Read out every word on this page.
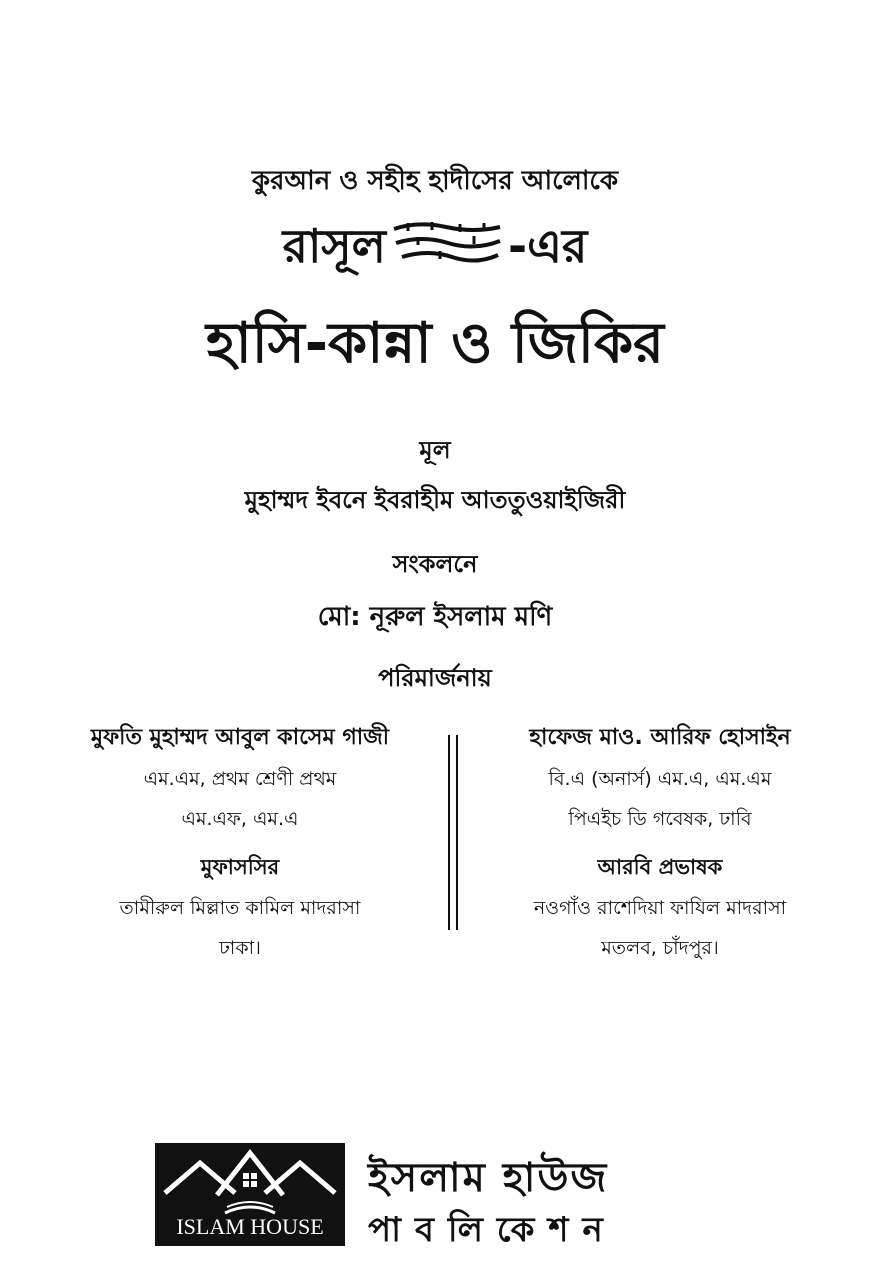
কুরআন ও সহীহ হাদীসের আলোকে
রাসূল	-এর
হাসি-কান্না ও জিকির
মূল
মুহাম্মদ ইবনে ইবরাহীম আততুওয়াইজিরী
সংকলনে
মো: নূরুল ইসলাম মণি
পরিমার্জনায়
মুফতি মুহাম্মদ আবুল কাসেম গাজী
এম.এম, প্রথম শ্রেণী প্রথম
এম.এফ, এম.এ
মুফাসসির
তামীরুল মিল্লাত কামিল মাদরাসা
ঢাকা।
হাফেজ মাও. আরিফ হোসাইন
বি.এ (অনার্স) এম.এ, এম.এম
পিএইচ ডি গবেষক, ঢাবি
আরবি প্রভাষক
নওগাঁও রাশেদিয়া ফাযিল মাদরাসা
মতলব, চাঁদপুর।
ISLAM HOUSE
ইসলাম হাউজ
পাবলিকেশন
